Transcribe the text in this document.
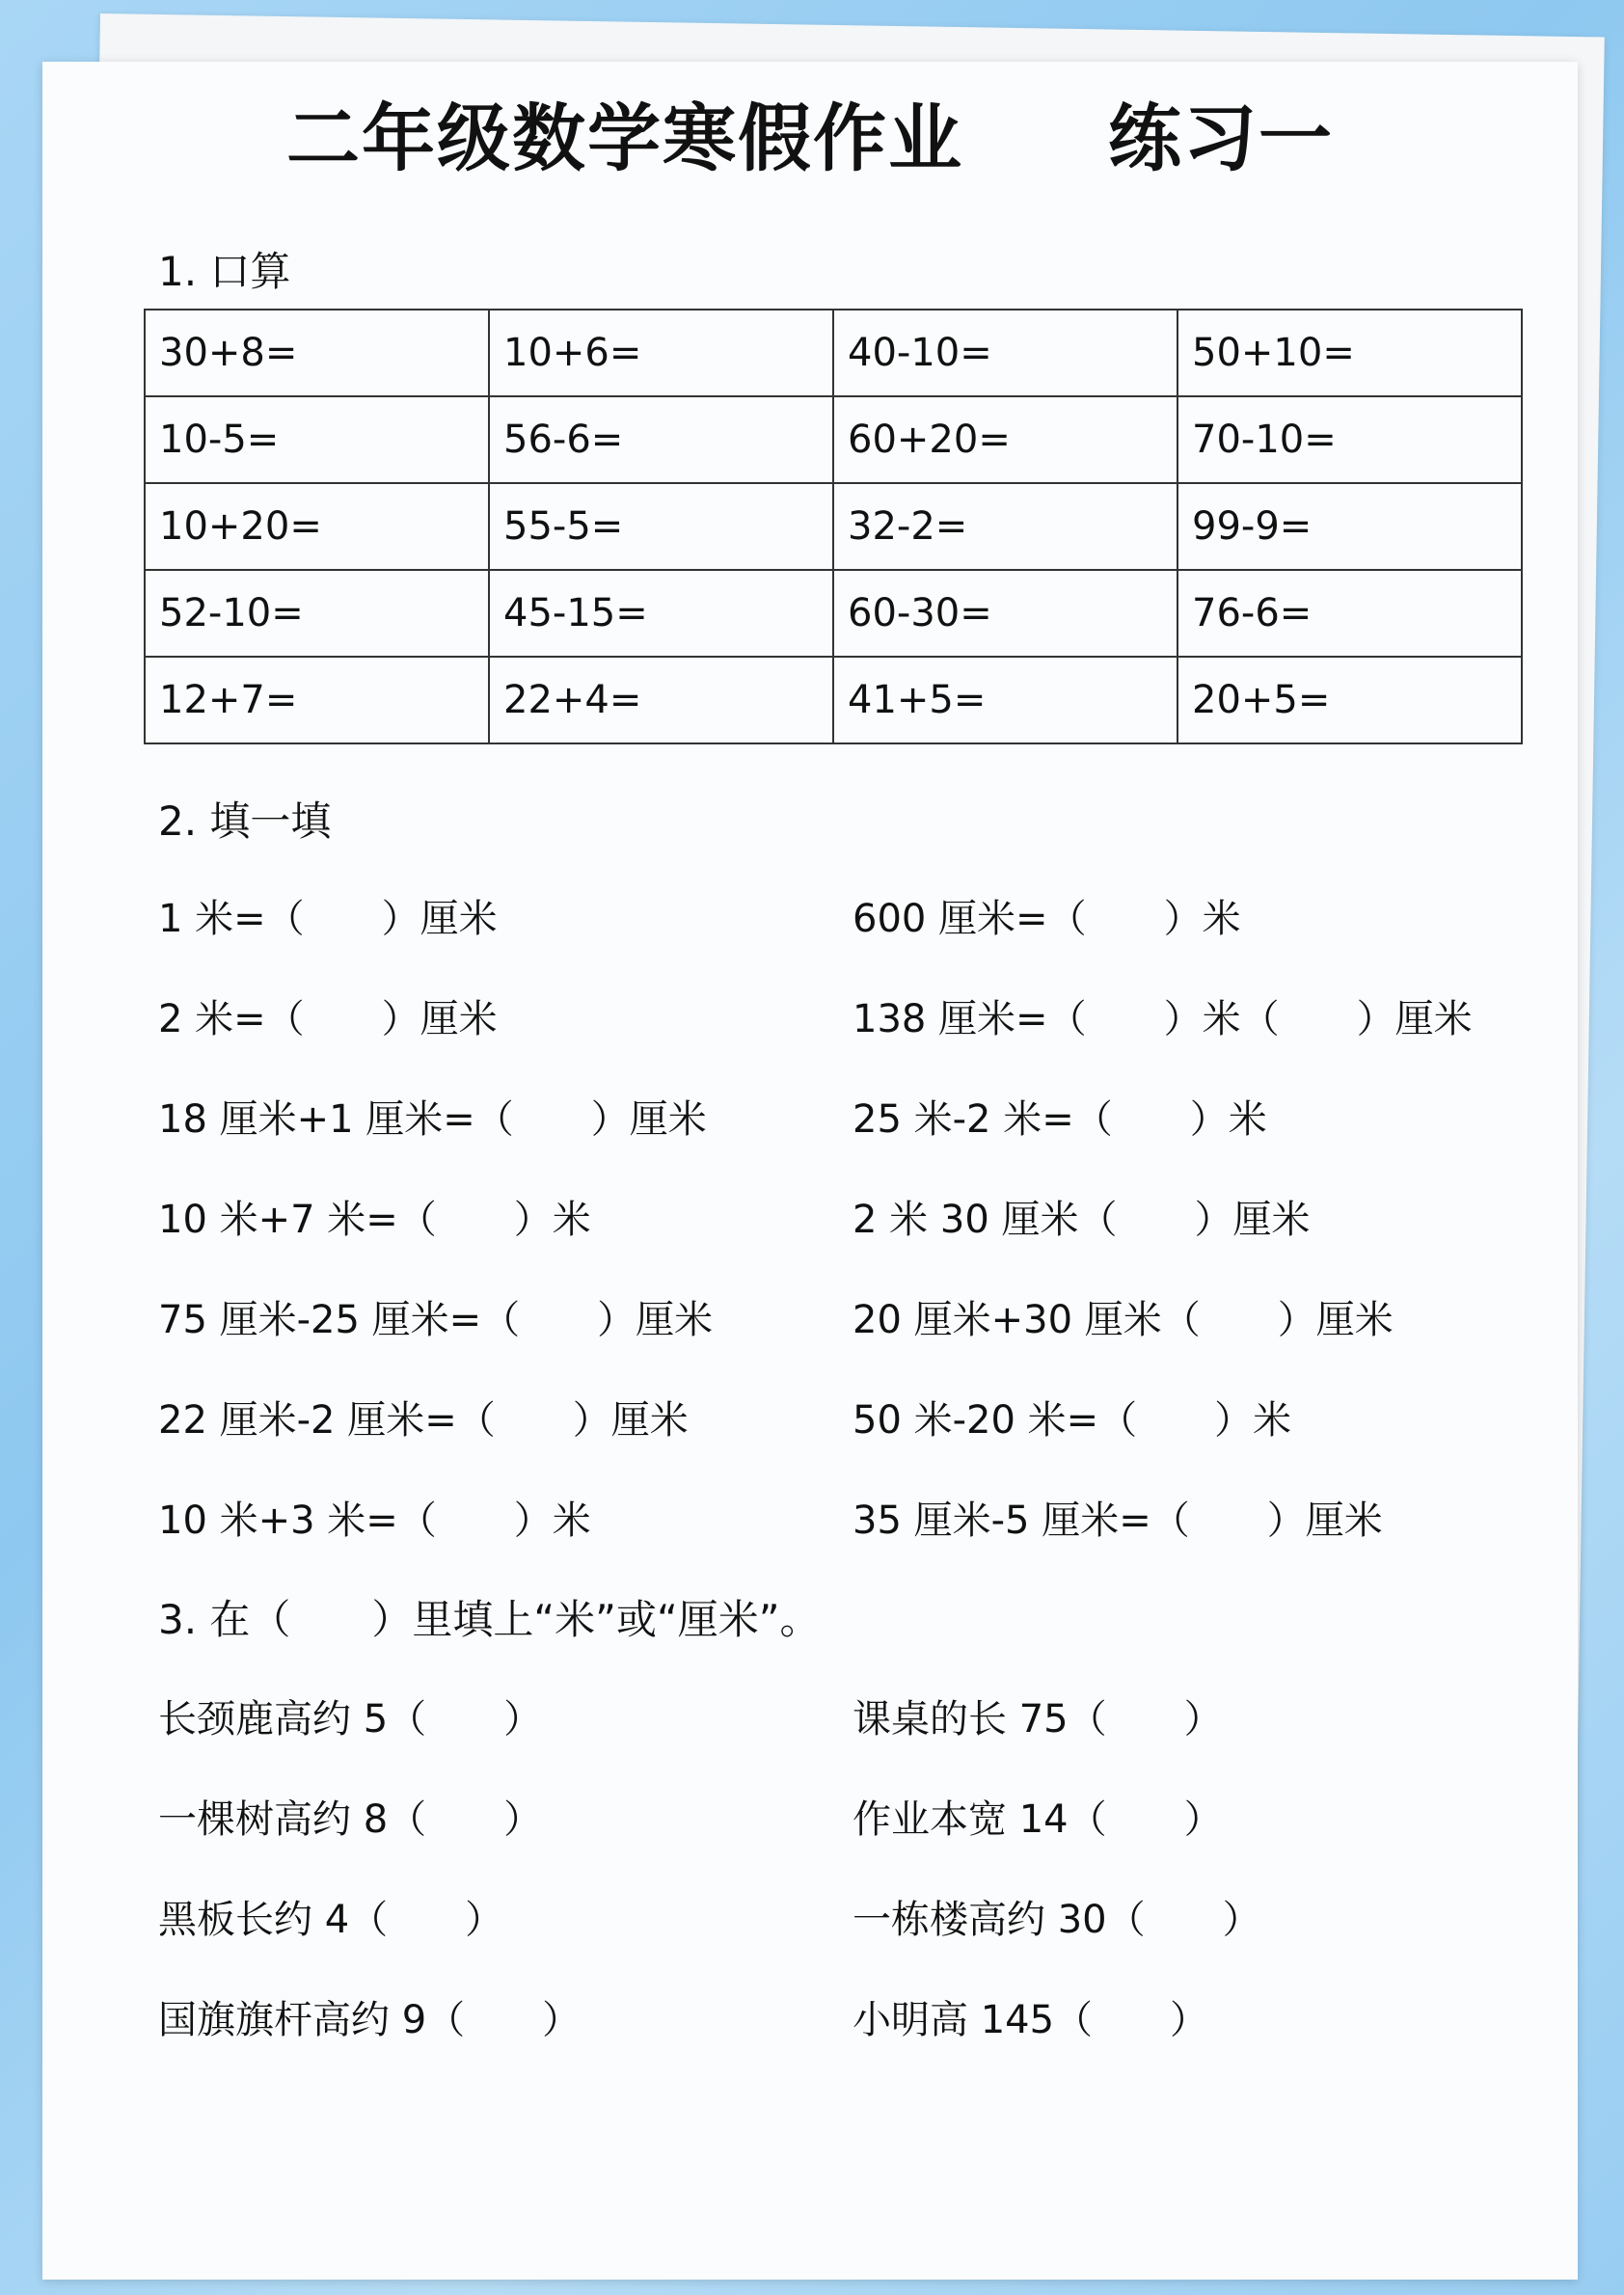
二年级数学寒假作业 练习一
1. 口算
30+8=	10+6=	40-10=	50+10=
10-5=	56-6=	60+20=	70-10=
10+20=	55-5=	32-2=	99-9=
52-10=	45-15=	60-30=	76-6=
12+7=	22+4=	41+5=	20+5=
2. 填一填
1 米=（　　）厘米	600 厘米=（　　）米
2 米=（　　）厘米	138 厘米=（　　）米（　　）厘米
18 厘米+1 厘米=（　　）厘米	25 米-2 米=（　　）米
10 米+7 米=（　　）米	2 米 30 厘米（　　）厘米
75 厘米-25 厘米=（　　）厘米	20 厘米+30 厘米（　　）厘米
22 厘米-2 厘米=（　　）厘米	50 米-20 米=（　　）米
10 米+3 米=（　　）米	35 厘米-5 厘米=（　　）厘米
3. 在（　　）里填上“米”或“厘米”。
长颈鹿高约 5（　　）	课桌的长 75（　　）
一棵树高约 8（　　）	作业本宽 14（　　）
黑板长约 4（　　）	一栋楼高约 30（　　）
国旗旗杆高约 9（　　）	小明高 145（　　）
